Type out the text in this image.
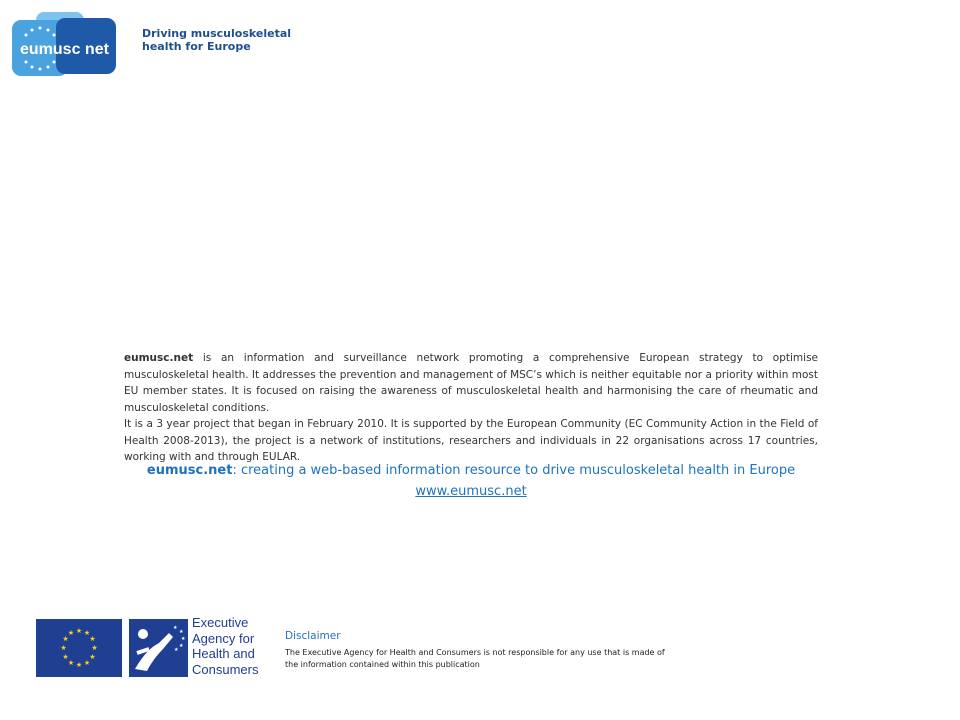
eumusc net
Driving musculoskeletal
health for Europe

eumusc.net is an information and surveillance network promoting a comprehensive European strategy to optimise musculoskeletal health. It addresses the prevention and management of MSC’s which is neither equitable nor a priority within most EU member states. It is focused on raising the awareness of musculoskeletal health and harmonising the care of rheumatic and musculoskeletal conditions.

It is a 3 year project that began in February 2010. It is supported by the European Community (EC Community Action in the Field of Health 2008-2013), the project is a network of institutions, researchers and individuals in 22 organisations across 17 countries, working with and through EULAR.

eumusc.net: creating a web-based information resource to drive musculoskeletal health in Europe
www.eumusc.net
★ ★
★
★
★
★
★
★
★
★
★
★
★
★
★
★
★
Executive
Agency for
Health and
Consumers
Disclaimer
The Executive Agency for Health and Consumers is not responsible for any use that is made of the information contained within this publication
